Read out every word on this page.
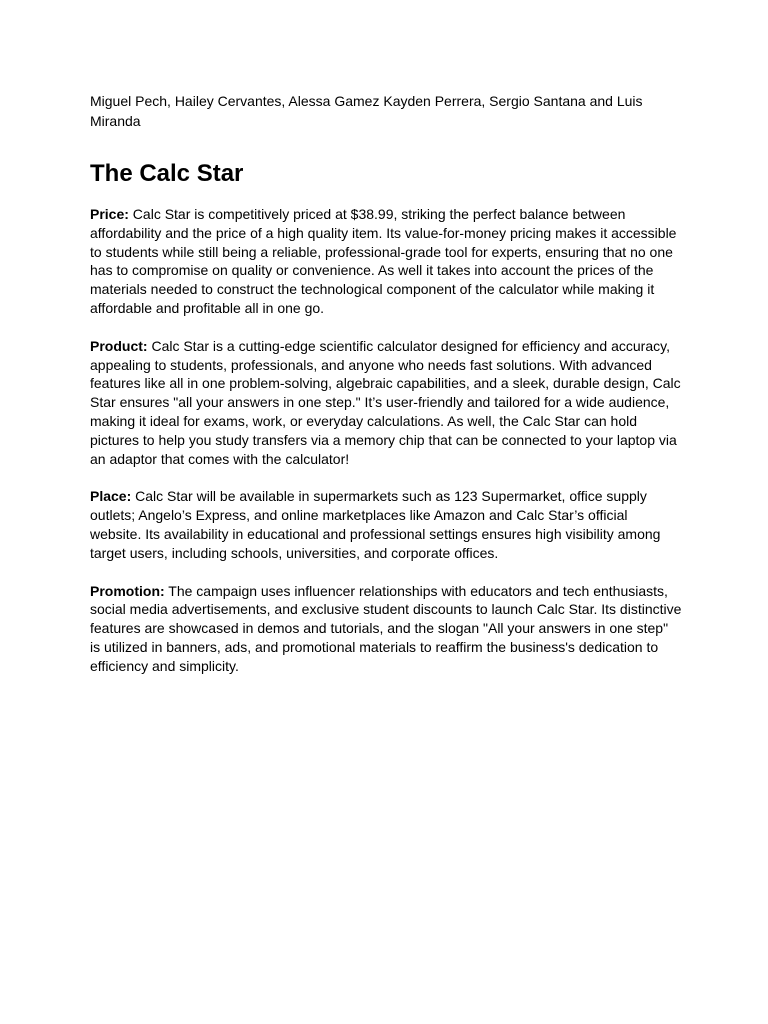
Miguel Pech, Hailey Cervantes, Alessa Gamez Kayden Perrera, Sergio Santana and Luis Miranda

The Calc Star

Price: Calc Star is competitively priced at $38.99, striking the perfect balance between affordability and the price of a high quality item. Its value-for-money pricing makes it accessible to students while still being a reliable, professional-grade tool for experts, ensuring that no one has to compromise on quality or convenience. As well it takes into account the prices of the materials needed to construct the technological component of the calculator while making it affordable and profitable all in one go.

Product: Calc Star is a cutting-edge scientific calculator designed for efficiency and accuracy, appealing to students, professionals, and anyone who needs fast solutions. With advanced features like all in one problem-solving, algebraic capabilities, and a sleek, durable design, Calc Star ensures "all your answers in one step." It’s user-friendly and tailored for a wide audience, making it ideal for exams, work, or everyday calculations. As well, the Calc Star can hold pictures to help you study transfers via a memory chip that can be connected to your laptop via an adaptor that comes with the calculator!

Place: Calc Star will be available in supermarkets such as 123 Supermarket, office supply outlets; Angelo’s Express, and online marketplaces like Amazon and Calc Star’s official website. Its availability in educational and professional settings ensures high visibility among target users, including schools, universities, and corporate offices.

Promotion: The campaign uses influencer relationships with educators and tech enthusiasts, social media advertisements, and exclusive student discounts to launch Calc Star. Its distinctive features are showcased in demos and tutorials, and the slogan "All your answers in one step" is utilized in banners, ads, and promotional materials to reaffirm the business's dedication to efficiency and simplicity.
